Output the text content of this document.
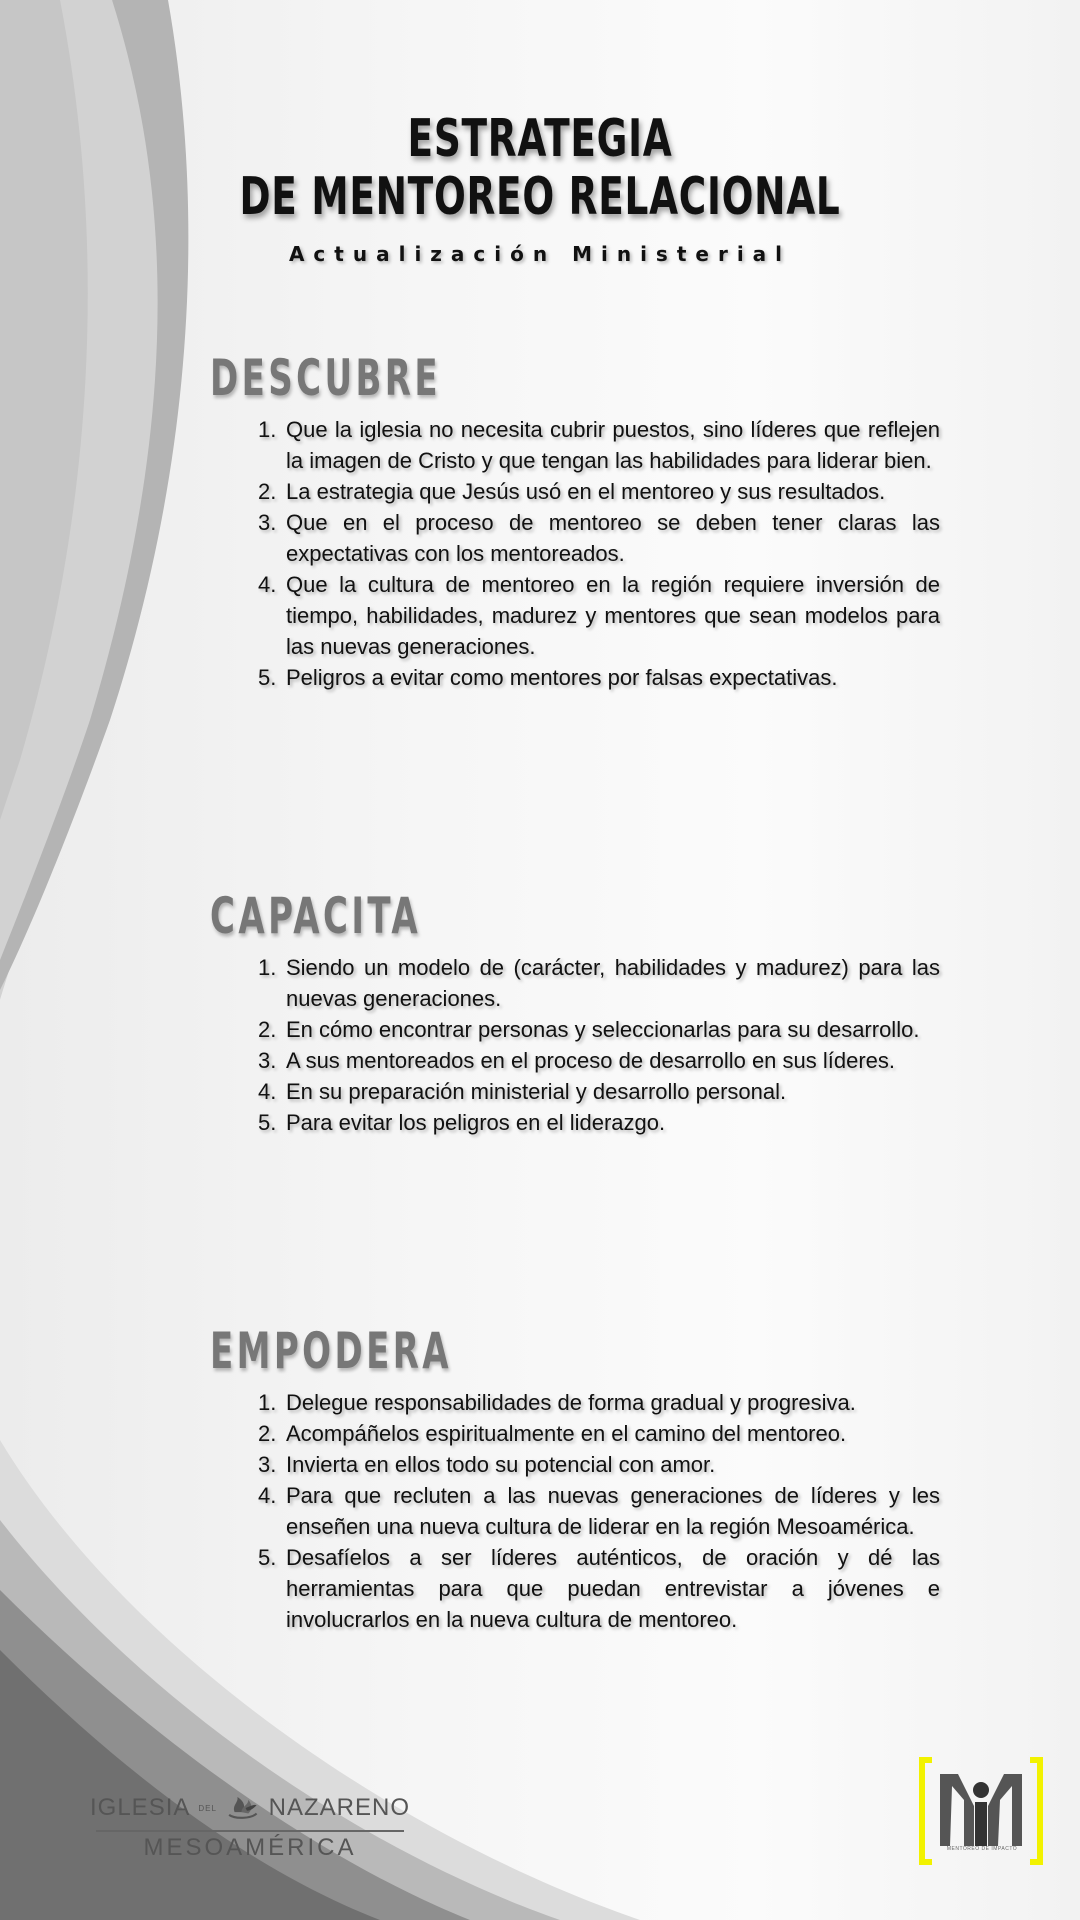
ESTRATEGIA
DE MENTOREO RELACIONAL
Actualización Ministerial
DESCUBRE
Que la iglesia no necesita cubrir puestos, sino líderes que reflejen la imagen de Cristo y que tengan las habilidades para liderar bien.
La estrategia que Jesús usó en el mentoreo y sus resultados.
Que en el proceso de mentoreo se deben tener claras las expectativas con los mentoreados.
Que la cultura de mentoreo en la región requiere inversión de tiempo, habilidades, madurez y mentores que sean modelos para las nuevas generaciones.
Peligros a evitar como mentores por falsas expectativas.
CAPACITA
Siendo un modelo de (carácter, habilidades y madurez) para las nuevas generaciones.
En cómo encontrar personas y seleccionarlas para su desarrollo.
A sus mentoreados en el proceso de desarrollo en sus líderes.
En su preparación ministerial y desarrollo personal.
Para evitar los peligros en el liderazgo.
EMPODERA
Delegue responsabilidades de forma gradual y progresiva.
Acompáñelos espiritualmente en el camino del mentoreo.
Invierta en ellos todo su potencial con amor.
Para que recluten a las nuevas generaciones de líderes y les enseñen una nueva cultura de liderar en la región Mesoamérica.
Desafíelos a ser líderes auténticos, de oración y dé las herramientas para que puedan entrevistar a jóvenes e involucrarlos en la nueva cultura de mentoreo.
IGLESIA DEL NAZARENO
MESOAMÉRICA	MENTOREO DE IMPACTO
